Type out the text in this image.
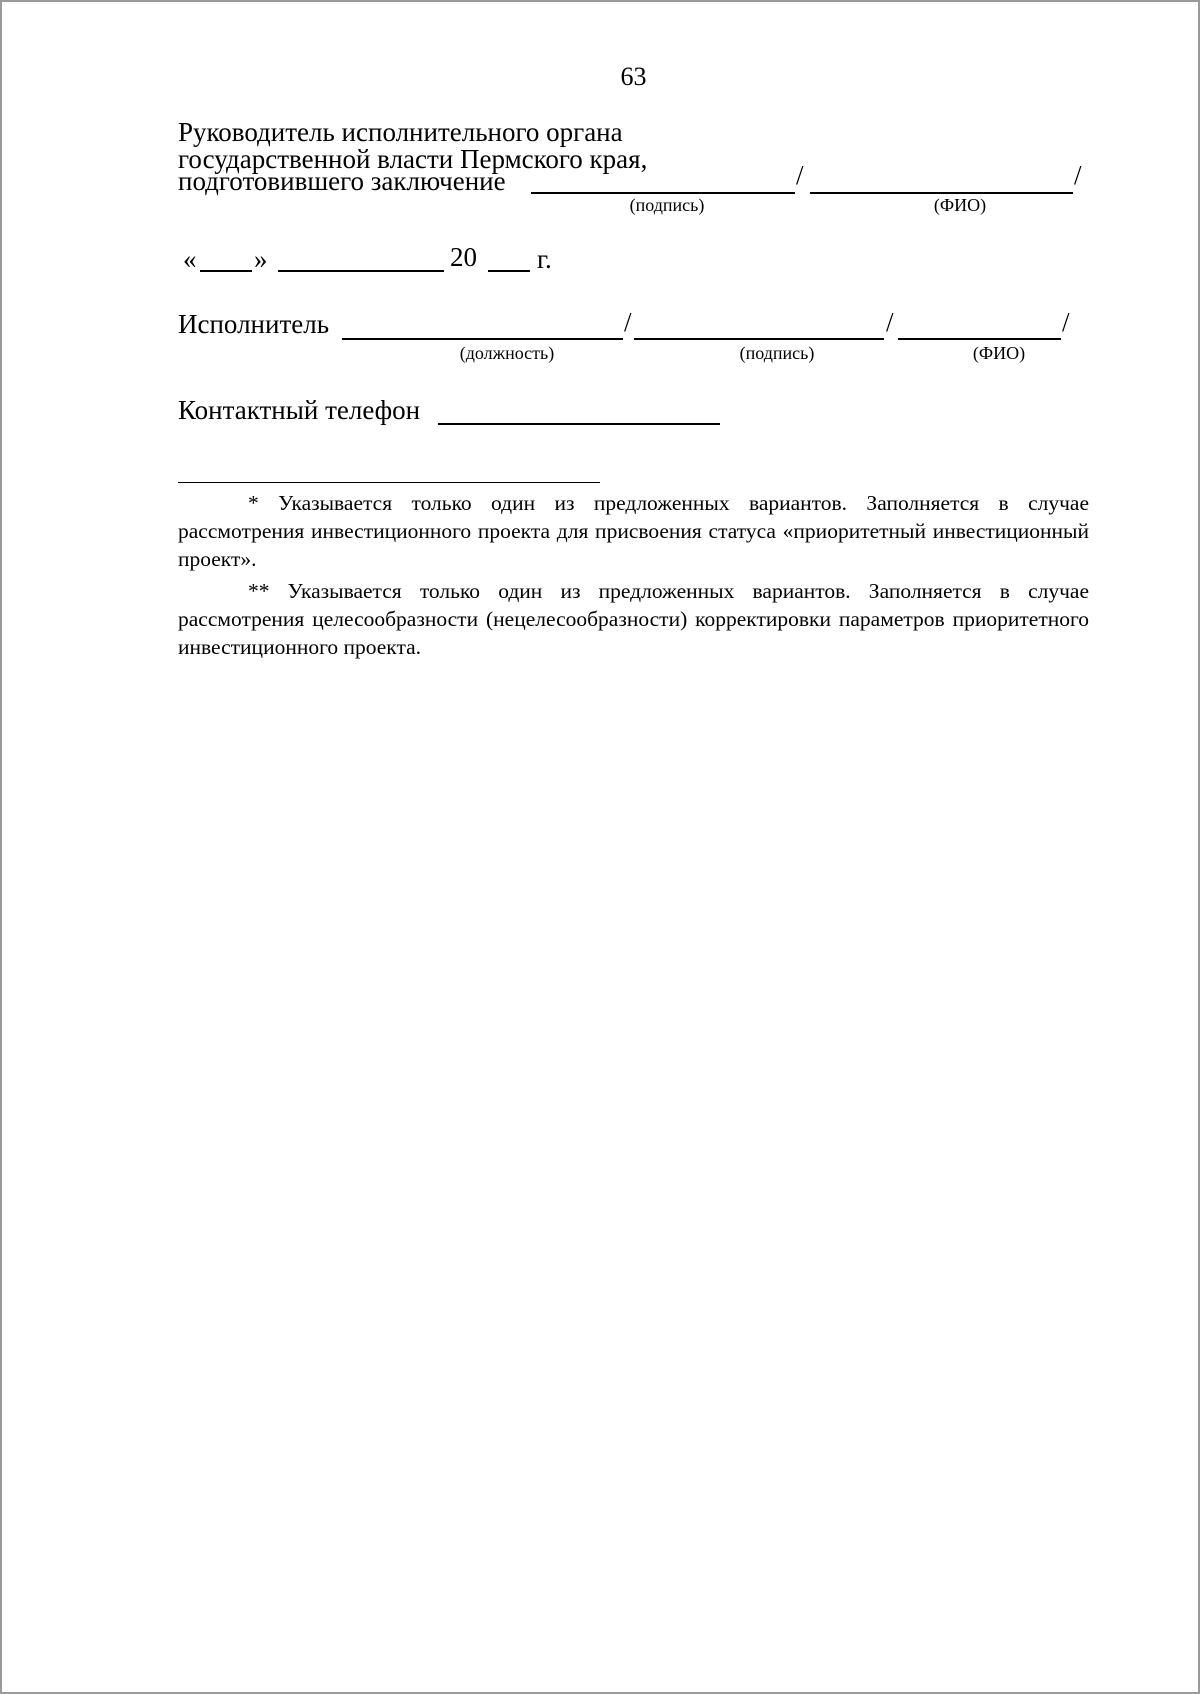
63
Руководитель исполнительного органа
государственной власти Пермского края,
подготовившего заключение	/	/
(подпись)	(ФИО)
« »	20 г.
Исполнитель	/	/	/
(должность)	(подпись)	(ФИО)
Контактный телефон

* Указывается только один из предложенных вариантов. Заполняется в случае рассмотрения инвестиционного проекта для присвоения статуса «приоритетный инвестиционный проект».

** Указывается только один из предложенных вариантов. Заполняется в случае рассмотрения целесообразности (нецелесообразности) корректировки параметров приоритетного инвестиционного проекта.
